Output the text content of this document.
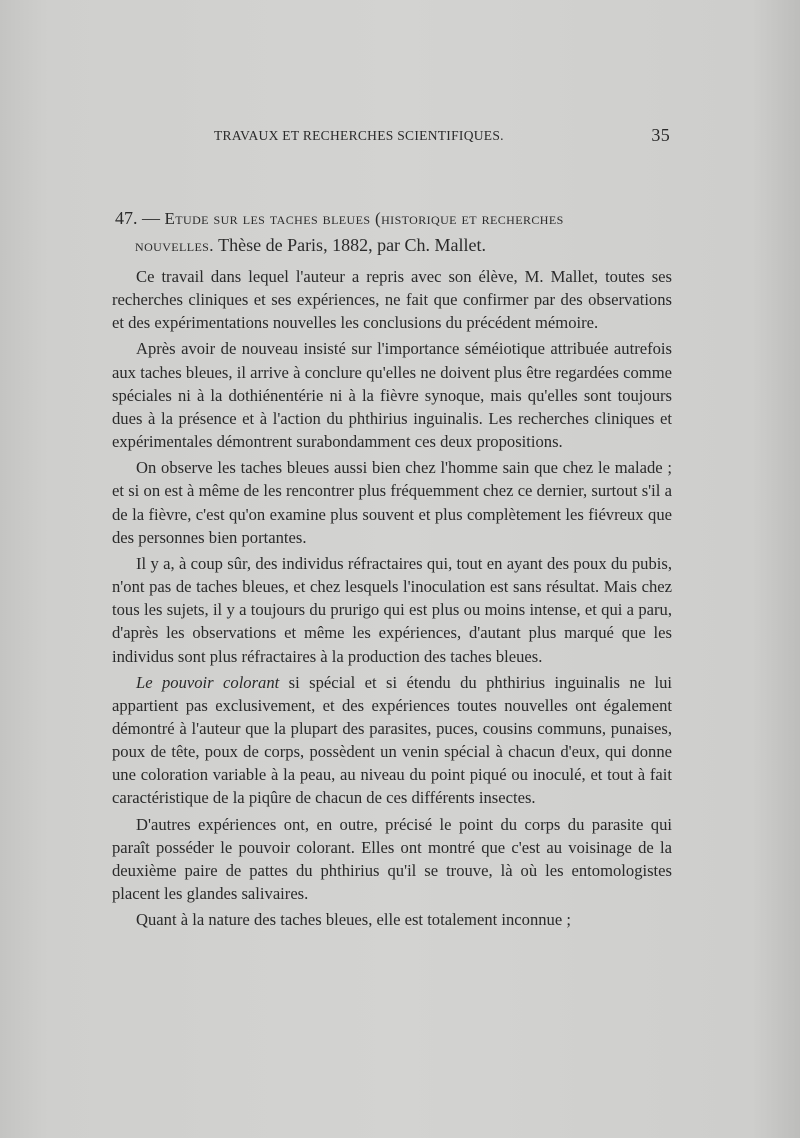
TRAVAUX ET RECHERCHES SCIENTIFIQUES.	35
47. — Etude sur les taches bleues (historique et recherches
nouvelles. Thèse de Paris, 1882, par Ch. Mallet.

Ce travail dans lequel l'auteur a repris avec son élève, M. Mallet, toutes ses recherches cliniques et ses expériences, ne fait que confirmer par des observations et des expérimentations nouvelles les conclusions du précédent mémoire.

Après avoir de nouveau insisté sur l'importance séméiotique attribuée autrefois aux taches bleues, il arrive à conclure qu'elles ne doivent plus être regardées comme spéciales ni à la dothiénentérie ni à la fièvre synoque, mais qu'elles sont toujours dues à la présence et à l'action du phthirius inguinalis. Les recherches cliniques et expérimentales démontrent surabondamment ces deux propositions.

On observe les taches bleues aussi bien chez l'homme sain que chez le malade ; et si on est à même de les rencontrer plus fréquemment chez ce dernier, surtout s'il a de la fièvre, c'est qu'on examine plus souvent et plus complètement les fiévreux que des personnes bien portantes.

Il y a, à coup sûr, des individus réfractaires qui, tout en ayant des poux du pubis, n'ont pas de taches bleues, et chez lesquels l'inoculation est sans résultat. Mais chez tous les sujets, il y a toujours du prurigo qui est plus ou moins intense, et qui a paru, d'après les observations et même les expériences, d'autant plus marqué que les individus sont plus réfractaires à la production des taches bleues.

Le pouvoir colorant si spécial et si étendu du phthirius inguinalis ne lui appartient pas exclusivement, et des expériences toutes nouvelles ont également démontré à l'auteur que la plupart des parasites, puces, cousins communs, punaises, poux de tête, poux de corps, possèdent un venin spécial à chacun d'eux, qui donne une coloration variable à la peau, au niveau du point piqué ou inoculé, et tout à fait caractéristique de la piqûre de chacun de ces différents insectes.

D'autres expériences ont, en outre, précisé le point du corps du parasite qui paraît posséder le pouvoir colorant. Elles ont montré que c'est au voisinage de la deuxième paire de pattes du phthirius qu'il se trouve, là où les entomologistes placent les glandes salivaires.

Quant à la nature des taches bleues, elle est totalement inconnue ;
